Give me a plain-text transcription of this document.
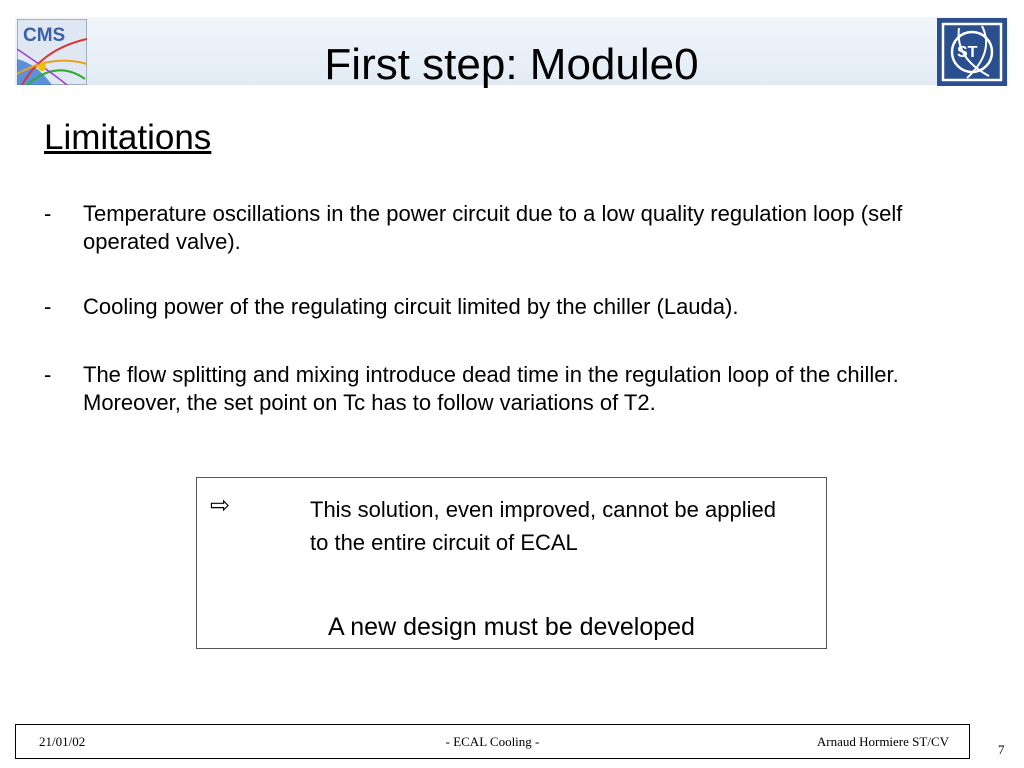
First step: Module0
CMS
ST
Limitations
- Temperature oscillations in the power circuit due to a low quality regulation loop (self operated valve).
- Cooling power of the regulating circuit limited by the chiller (Lauda).
- The flow splitting and mixing introduce dead time in the regulation loop of the chiller. Moreover, the set point on Tc has to follow variations of T2.
⇨	This solution, even improved, cannot be applied to the entire circuit of ECAL
A new design must be developed
21/01/02	- ECAL Cooling -	Arnaud Hormiere ST/CV
7
